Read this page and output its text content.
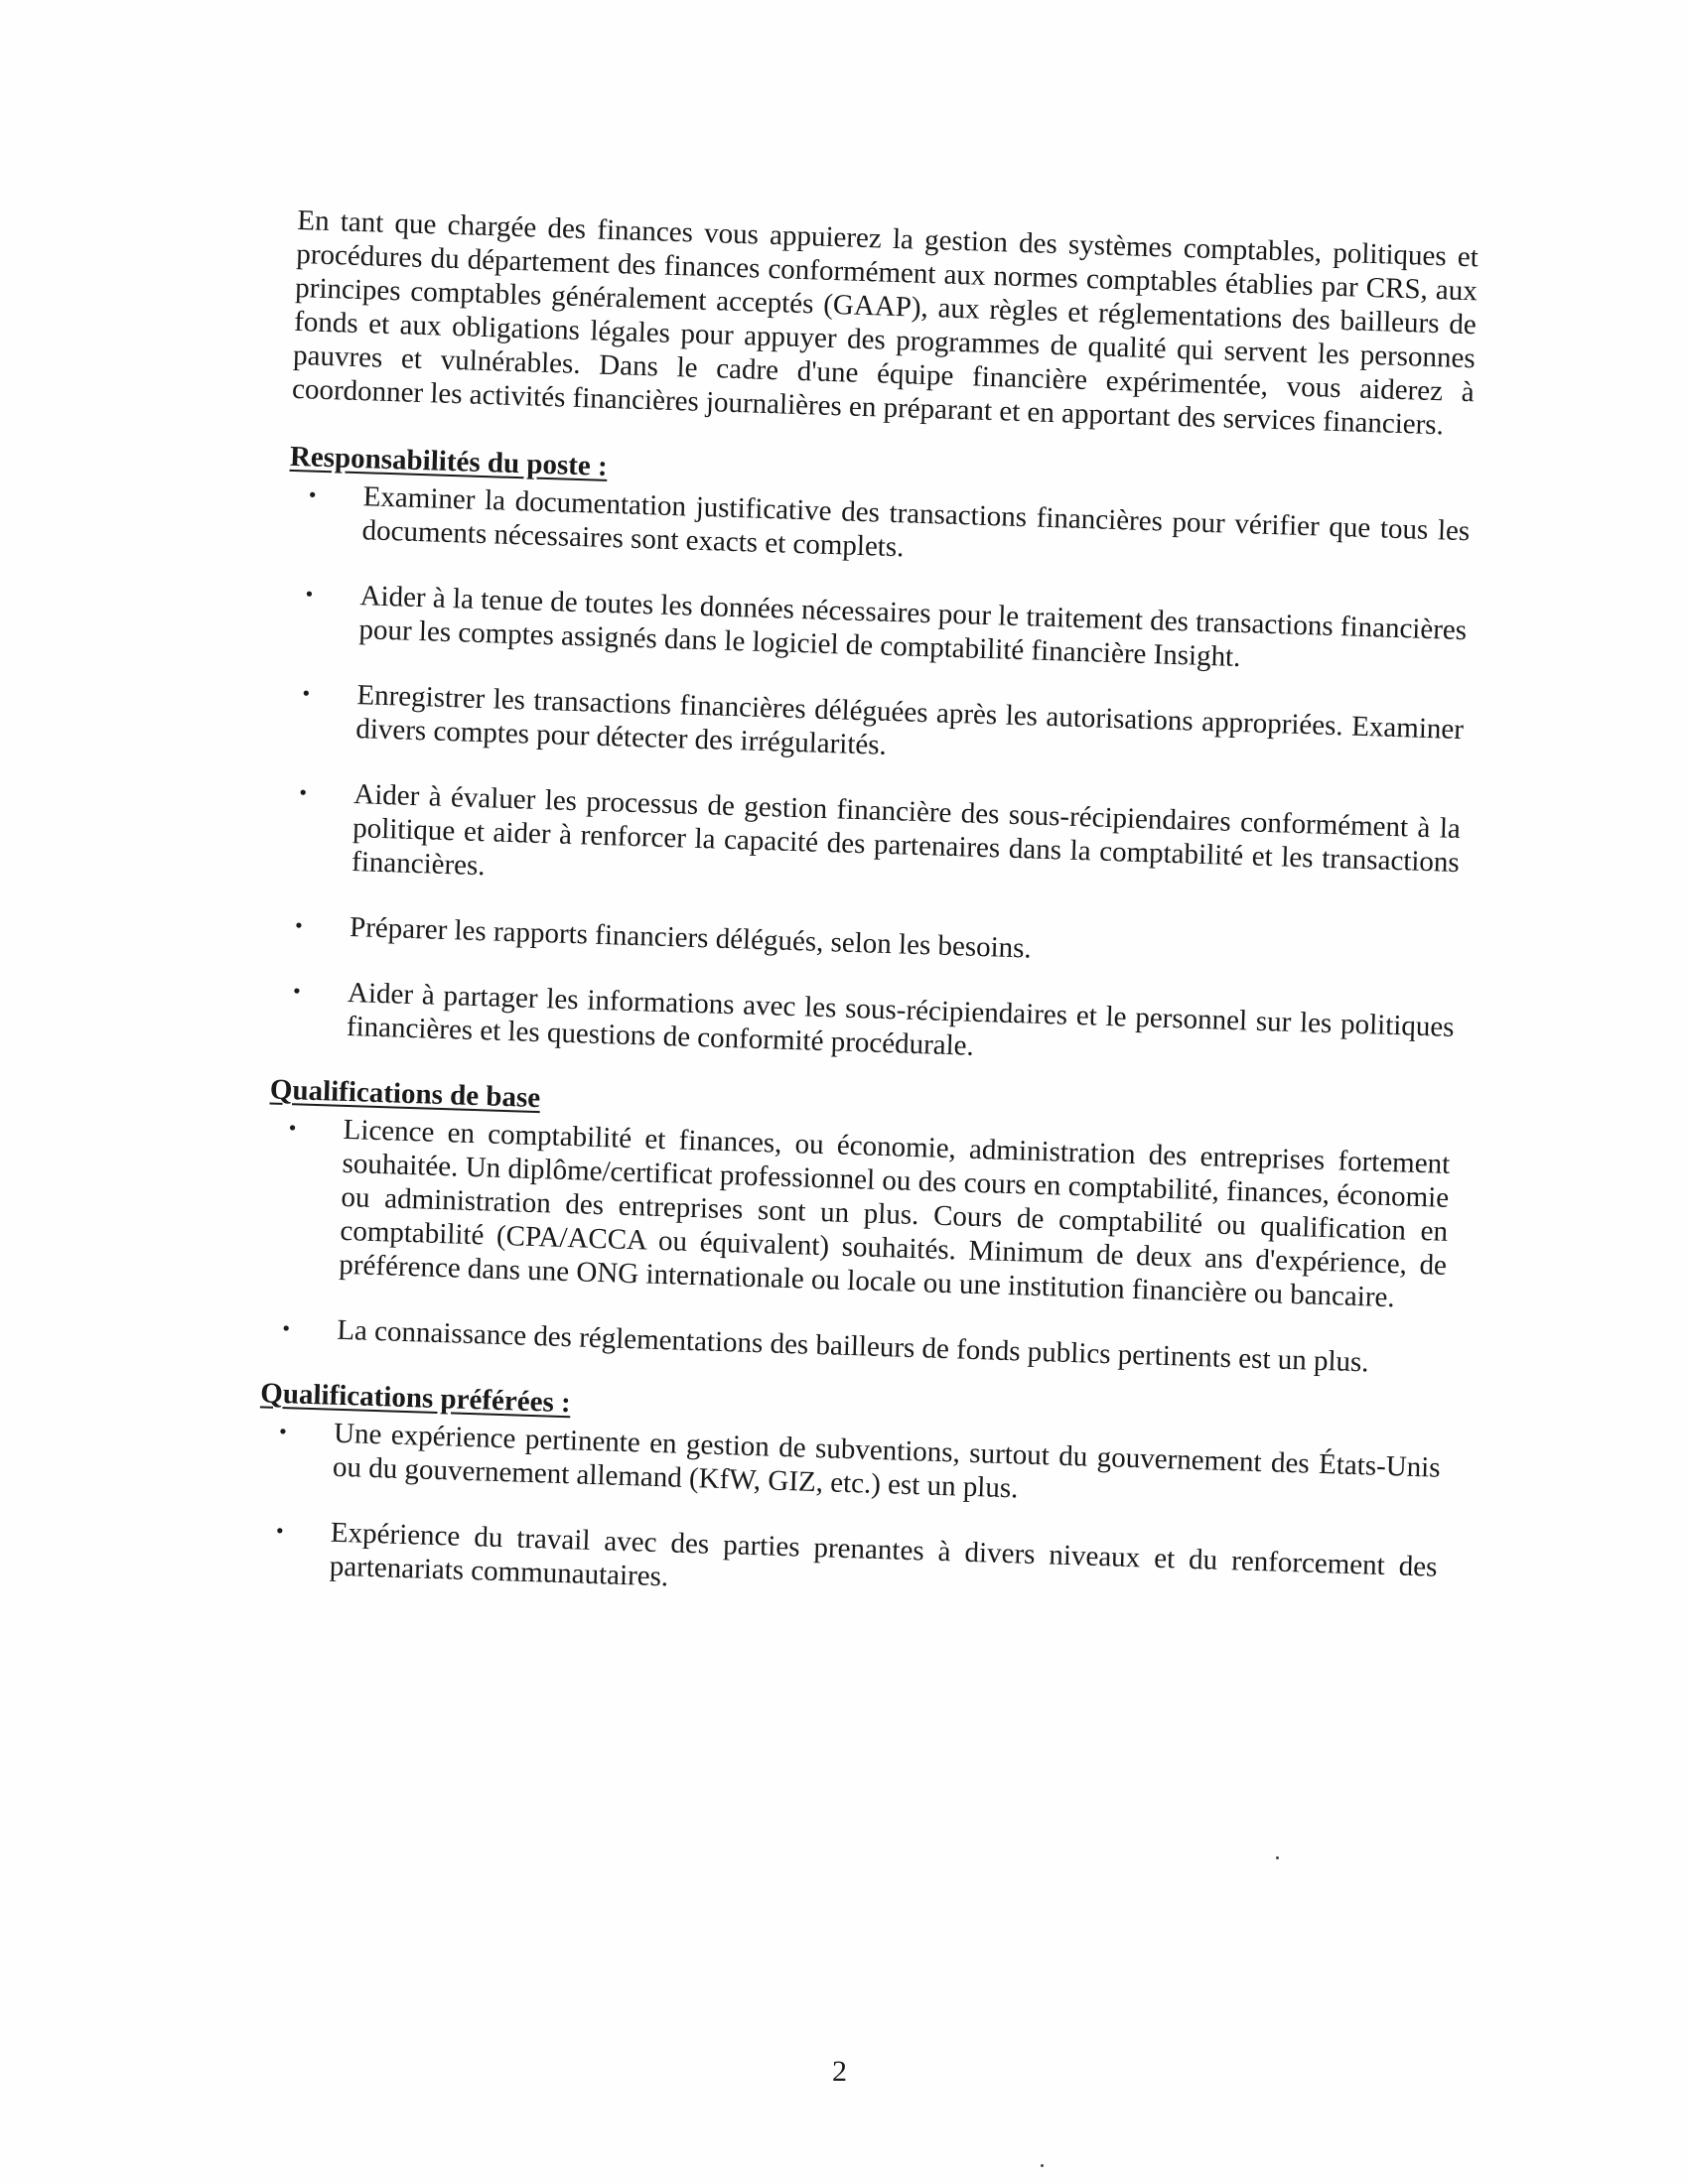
En tant que chargée des finances vous appuierez la gestion des systèmes comptables, politiques et procédures du département des finances conformément aux normes comptables établies par CRS, aux principes comptables généralement acceptés (GAAP), aux règles et réglementations des bailleurs de fonds et aux obligations légales pour appuyer des programmes de qualité qui servent les personnes pauvres et vulnérables. Dans le cadre d'une équipe financière expérimentée, vous aiderez à coordonner les activités financières journalières en préparant et en apportant des services financiers.

Responsabilités du poste :
• Examiner la documentation justificative des transactions financières pour vérifier que tous les documents nécessaires sont exacts et complets.
• Aider à la tenue de toutes les données nécessaires pour le traitement des transactions financières pour les comptes assignés dans le logiciel de comptabilité financière Insight.
• Enregistrer les transactions financières déléguées après les autorisations appropriées. Examiner divers comptes pour détecter des irrégularités.
• Aider à évaluer les processus de gestion financière des sous-récipiendaires conformément à la politique et aider à renforcer la capacité des partenaires dans la comptabilité et les transactions financières.
• Préparer les rapports financiers délégués, selon les besoins.
• Aider à partager les informations avec les sous-récipiendaires et le personnel sur les politiques financières et les questions de conformité procédurale.
Qualifications de base
• Licence en comptabilité et finances, ou économie, administration des entreprises fortement souhaitée. Un diplôme/certificat professionnel ou des cours en comptabilité, finances, économie ou administration des entreprises sont un plus. Cours de comptabilité ou qualification en comptabilité (CPA/ACCA ou équivalent) souhaités. Minimum de deux ans d'expérience, de préférence dans une ONG internationale ou locale ou une institution financière ou bancaire.
• La connaissance des réglementations des bailleurs de fonds publics pertinents est un plus.
Qualifications préférées :
• Une expérience pertinente en gestion de subventions, surtout du gouvernement des États-Unis ou du gouvernement allemand (KfW, GIZ, etc.) est un plus.
• Expérience du travail avec des parties prenantes à divers niveaux et du renforcement des partenariats communautaires.
2
